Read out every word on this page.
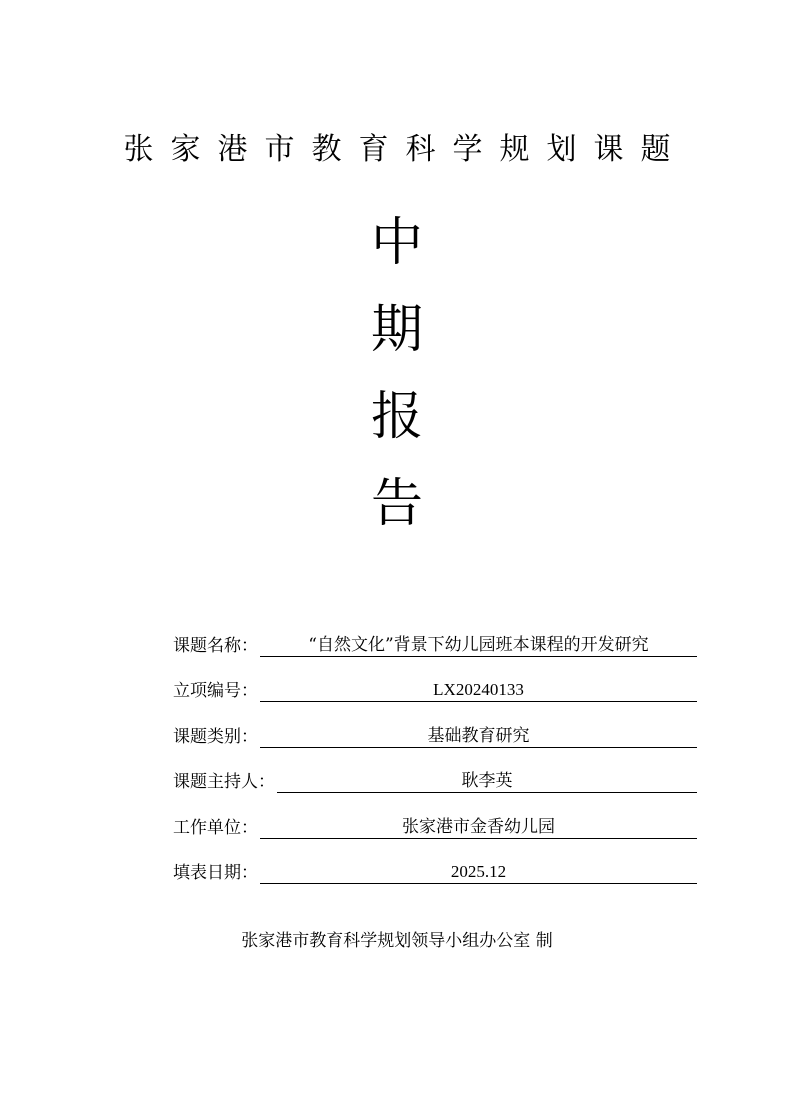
张家港市教育科学规划课题
中
期
报
告
课题名称：	“自然文化”背景下幼儿园班本课程的开发研究
立项编号：	LX20240133
课题类别：	基础教育研究
课题主持人：	耿李英
工作单位：	张家港市金香幼儿园
填表日期：	2025.12
张家港市教育科学规划领导小组办公室 制
